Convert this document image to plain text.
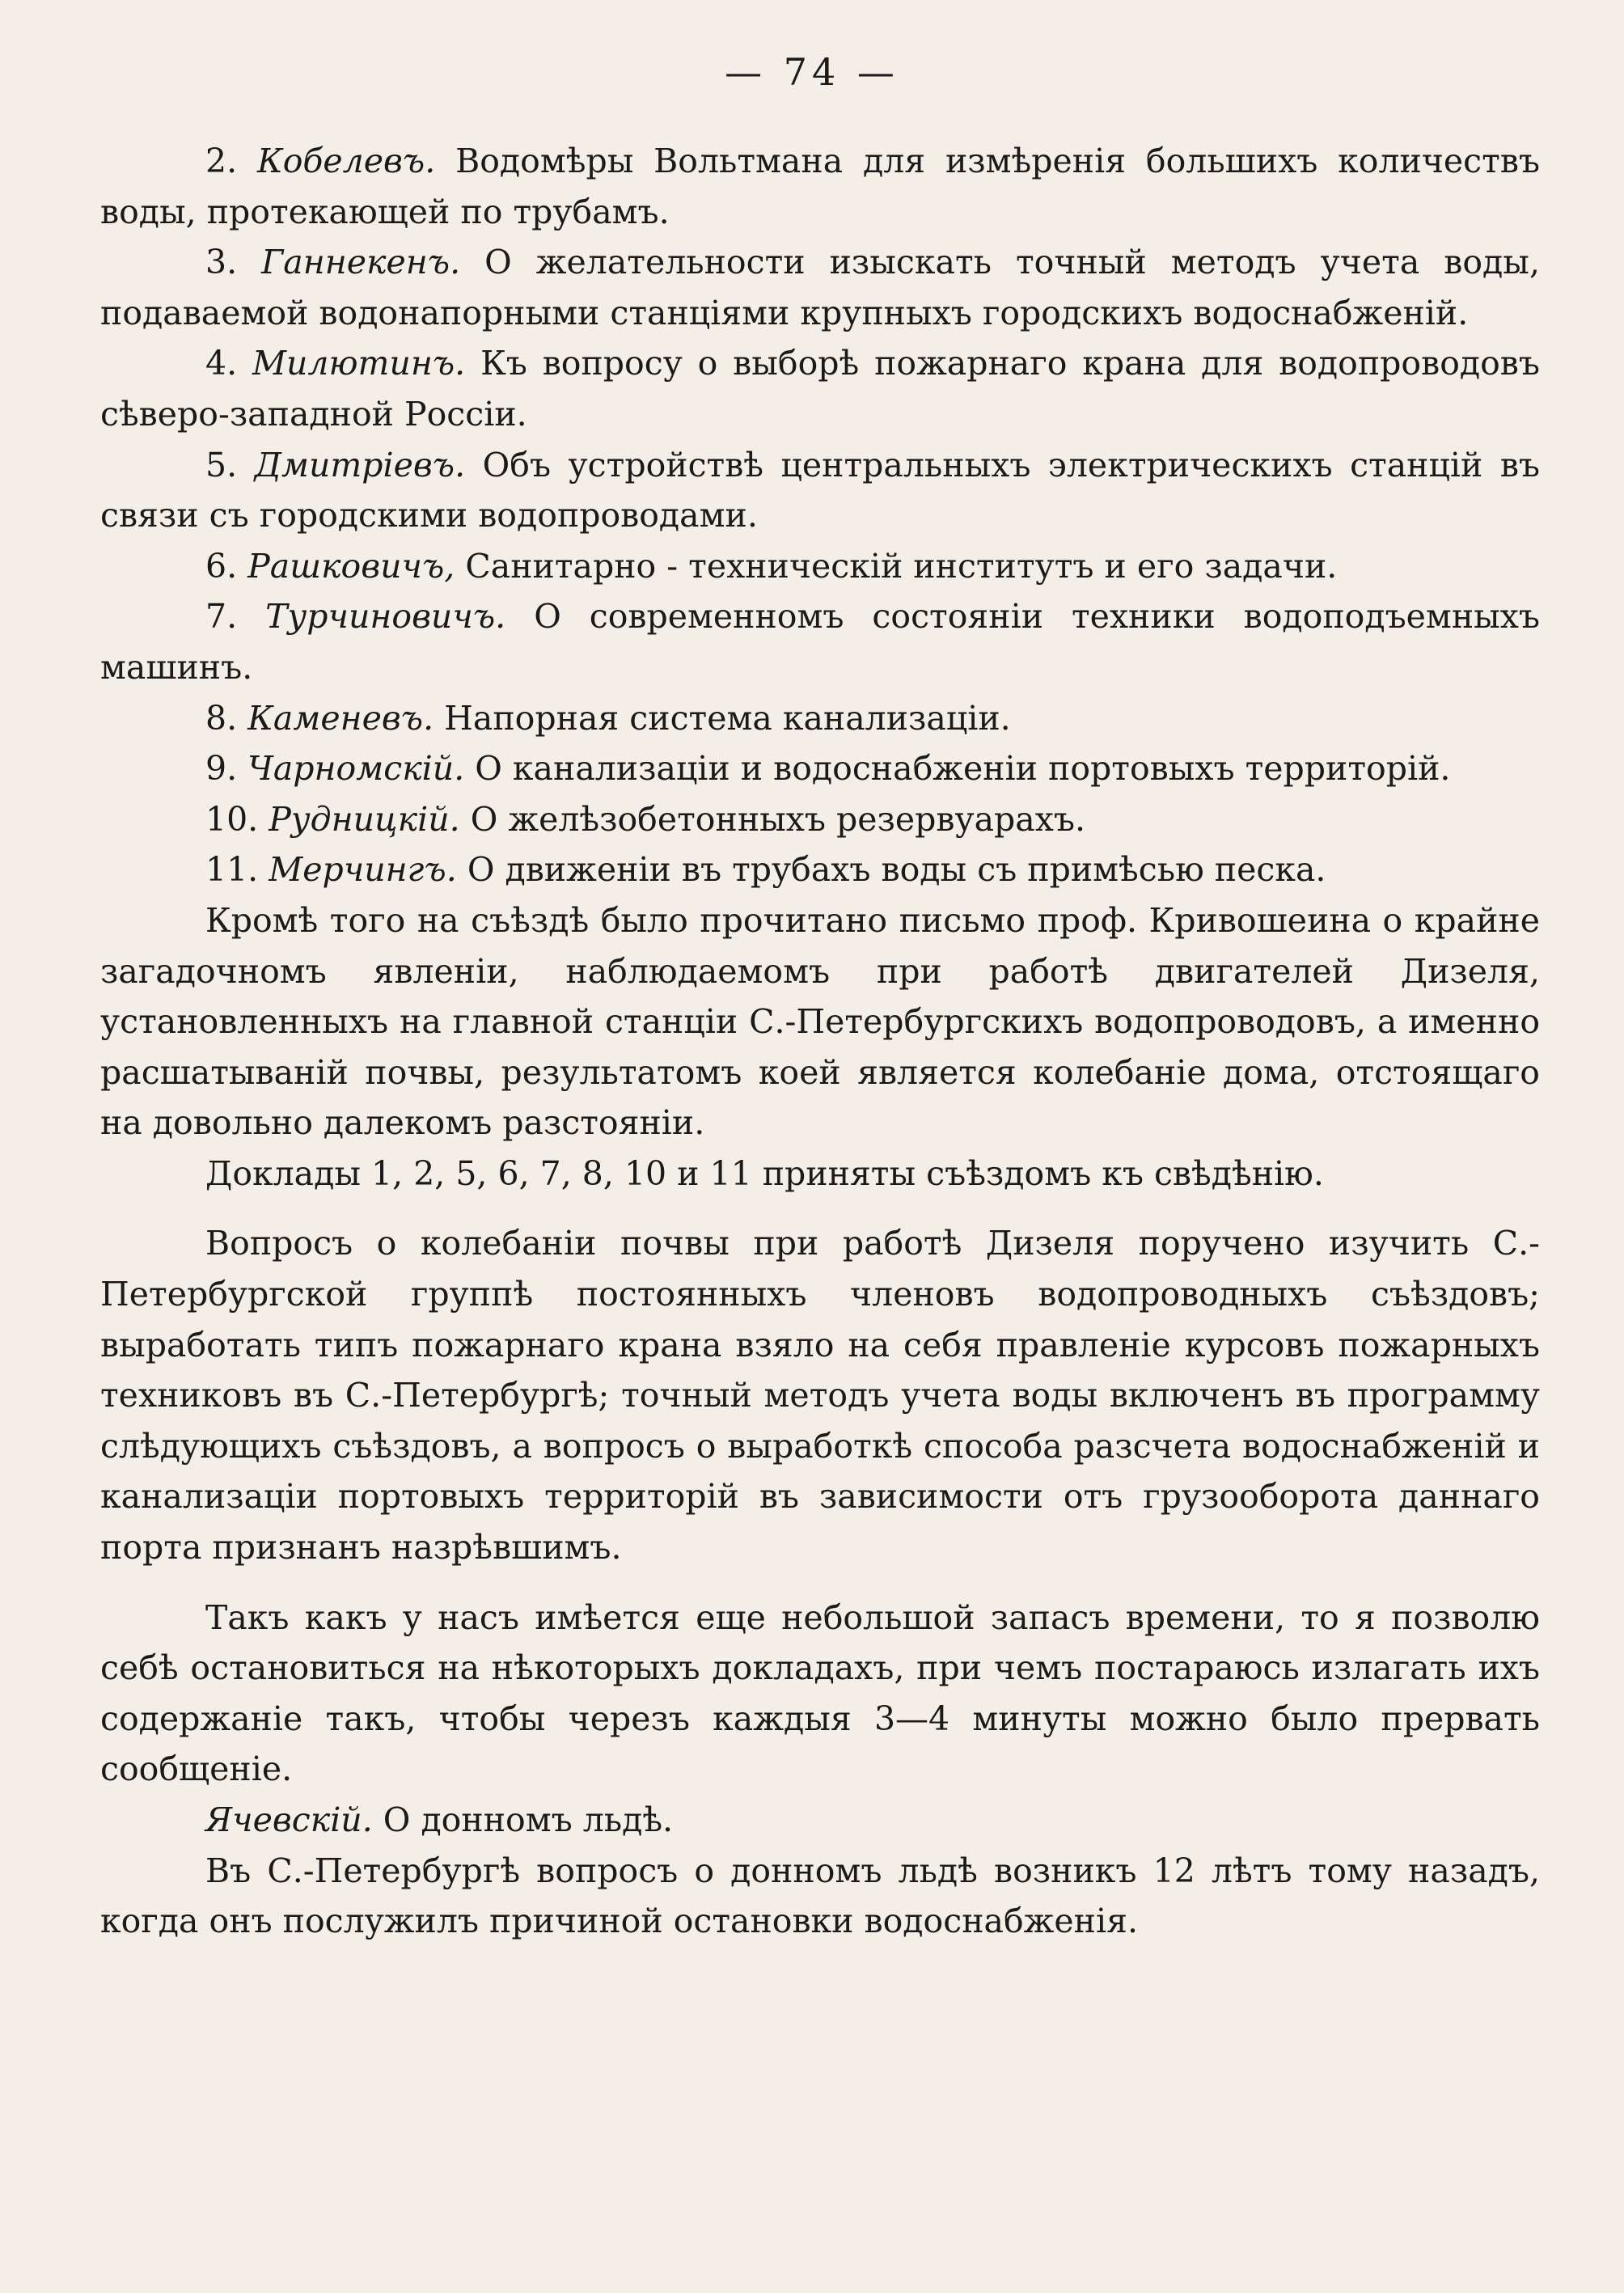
— 74 —

2. Кобелевъ. Водомѣры Вольтмана для измѣренія большихъ количествъ воды, протекающей по трубамъ.

3. Ганнекенъ. О желательности изыскать точный методъ учета воды, подаваемой водонапорными станціями крупныхъ городскихъ водоснабженій.

4. Милютинъ. Къ вопросу о выборѣ пожарнаго крана для водопроводовъ сѣверо-западной Россіи.

5. Дмитріевъ. Объ устройствѣ центральныхъ электрическихъ станцій въ связи съ городскими водопроводами.

6. Рашковичъ, Санитарно - техническій институтъ и его задачи.

7. Турчиновичъ. О современномъ состояніи техники водоподъемныхъ машинъ.

8. Каменевъ. Напорная система канализаціи.

9. Чарномскій. О канализаціи и водоснабженіи портовыхъ территорій.

10. Рудницкій. О желѣзобетонныхъ резервуарахъ.

11. Мерчингъ. О движеніи въ трубахъ воды съ примѣсью песка.

Кромѣ того на съѣздѣ было прочитано письмо проф. Кривошеина о крайне загадочномъ явленіи, наблюдаемомъ при работѣ двигателей Дизеля, установленныхъ на главной станціи С.-Петербургскихъ водопроводовъ, а именно расшатываній почвы, результатомъ коей является колебаніе дома, отстоящаго на довольно далекомъ разстояніи.

Доклады 1, 2, 5, 6, 7, 8, 10 и 11 приняты съѣздомъ къ свѣдѣнію.

Вопросъ о колебаніи почвы при работѣ Дизеля поручено изучить С.-Петербургской группѣ постоянныхъ членовъ водопроводныхъ съѣздовъ; выработать типъ пожарнаго крана взяло на себя правленіе курсовъ пожарныхъ техниковъ въ С.-Петербургѣ; точный методъ учета воды включенъ въ программу слѣдующихъ съѣздовъ, а вопросъ о выработкѣ способа разсчета водоснабженій и канализаціи портовыхъ территорій въ зависимости отъ грузооборота даннаго порта признанъ назрѣвшимъ.

Такъ какъ у насъ имѣется еще небольшой запасъ времени, то я позволю себѣ остановиться на нѣкоторыхъ докладахъ, при чемъ постараюсь излагать ихъ содержаніе такъ, чтобы черезъ каждыя 3—4 минуты можно было прервать сообщеніе.

Ячевскій. О донномъ льдѣ.

Въ С.-Петербургѣ вопросъ о донномъ льдѣ возникъ 12 лѣтъ тому назадъ, когда онъ послужилъ причиной остановки водоснабженія.
